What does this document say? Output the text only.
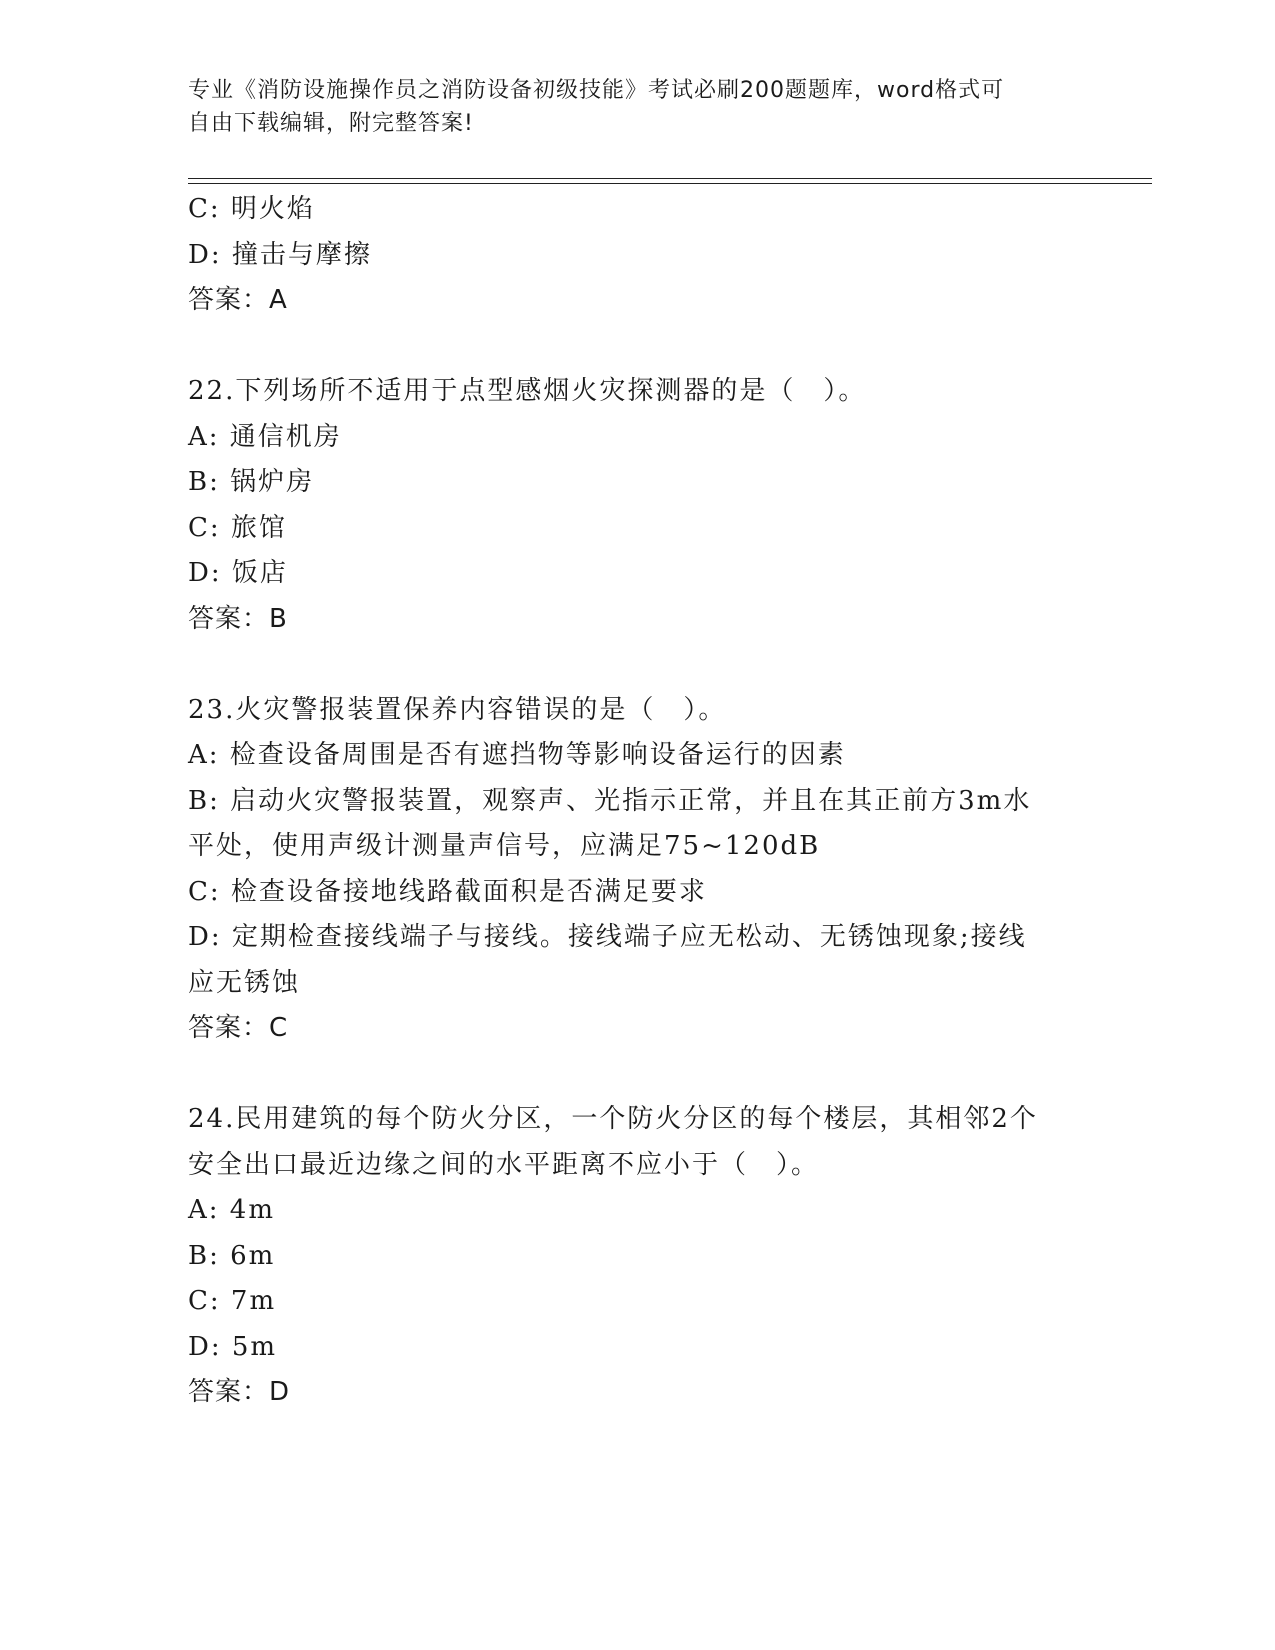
专业《消防设施操作员之消防设备初级技能》考试必刷200题题库，word格式可
自由下载编辑，附完整答案!
C: 明火焰
D: 撞击与摩擦
答案：A
22.下列场所不适用于点型感烟火灾探测器的是（　）。
A: 通信机房
B: 锅炉房
C: 旅馆
D: 饭店
答案：B
23.火灾警报装置保养内容错误的是（　）。
A: 检查设备周围是否有遮挡物等影响设备运行的因素
B: 启动火灾警报装置，观察声、光指示正常，并且在其正前方3m水
平处，使用声级计测量声信号，应满足75~120dB
C: 检查设备接地线路截面积是否满足要求
D: 定期检查接线端子与接线。接线端子应无松动、无锈蚀现象;接线
应无锈蚀
答案：C
24.民用建筑的每个防火分区，一个防火分区的每个楼层，其相邻2个
安全出口最近边缘之间的水平距离不应小于（　）。
A: 4m
B: 6m
C: 7m
D: 5m
答案：D
